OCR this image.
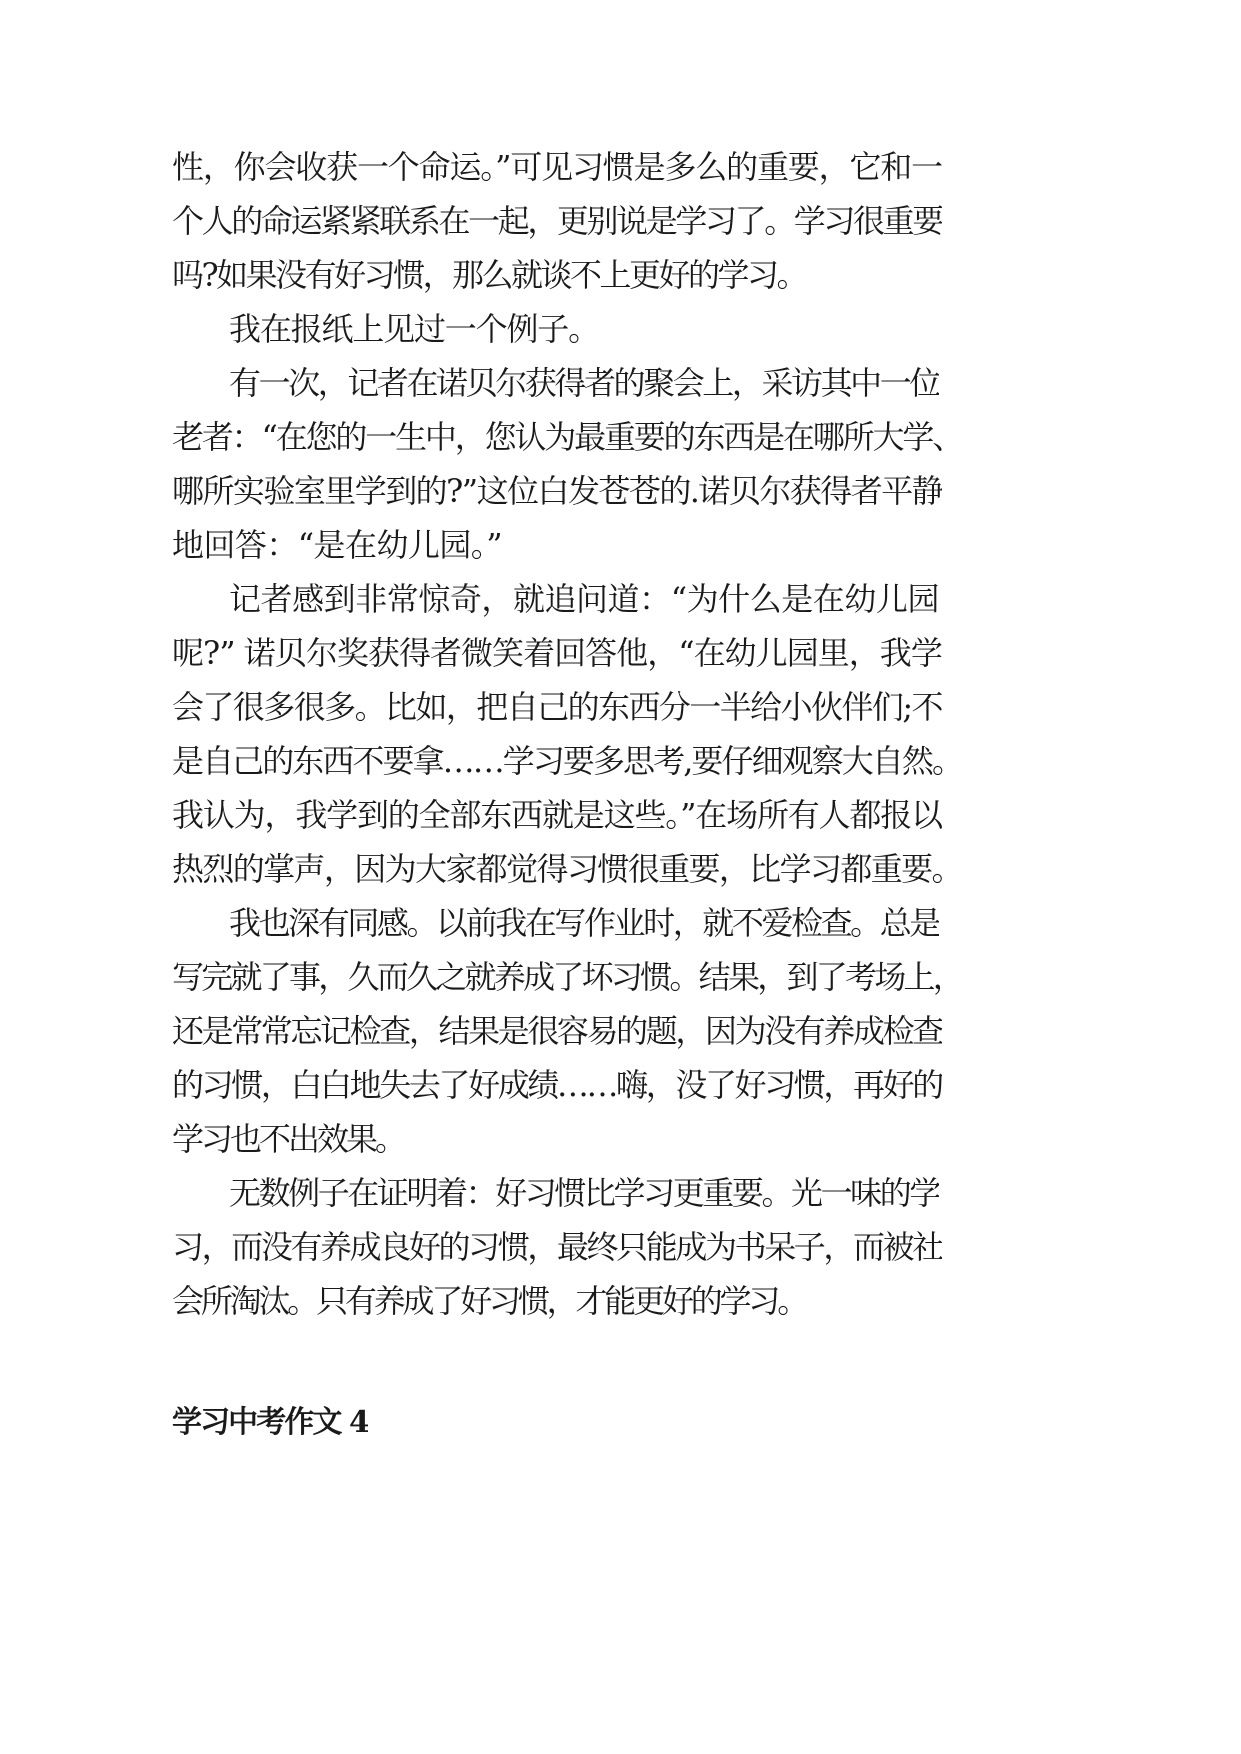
性，你会收获一个命运。”可见习惯是多么的重要，它和一

个人的命运紧紧联系在一起，更别说是学习了。学习很重要

吗?如果没有好习惯，那么就谈不上更好的学习。

我在报纸上见过一个例子。

有一次，记者在诺贝尔获得者的聚会上，采访其中一位

老者：“在您的一生中，您认为最重要的东西是在哪所大学、

哪所实验室里学到的?”这位白发苍苍的.诺贝尔获得者平静

地回答：“是在幼儿园。”

记者感到非常惊奇，就追问道：“为什么是在幼儿园

呢?” 诺贝尔奖获得者微笑着回答他，“在幼儿园里，我学

会了很多很多。比如，把自己的东西分一半给小伙伴们;不

是自己的东西不要拿……学习要多思考,要仔细观察大自然。

我认为，我学到的全部东西就是这些。”在场所有人都报以

热烈的掌声，因为大家都觉得习惯很重要，比学习都重要。

我也深有同感。以前我在写作业时，就不爱检查。总是

写完就了事，久而久之就养成了坏习惯。结果，到了考场上，

还是常常忘记检查，结果是很容易的题，因为没有养成检查

的习惯，白白地失去了好成绩……嗨，没了好习惯，再好的

学习也不出效果。

无数例子在证明着：好习惯比学习更重要。光一味的学

习，而没有养成良好的习惯，最终只能成为书呆子，而被社

会所淘汰。只有养成了好习惯，才能更好的学习。

学习中考作文 4
